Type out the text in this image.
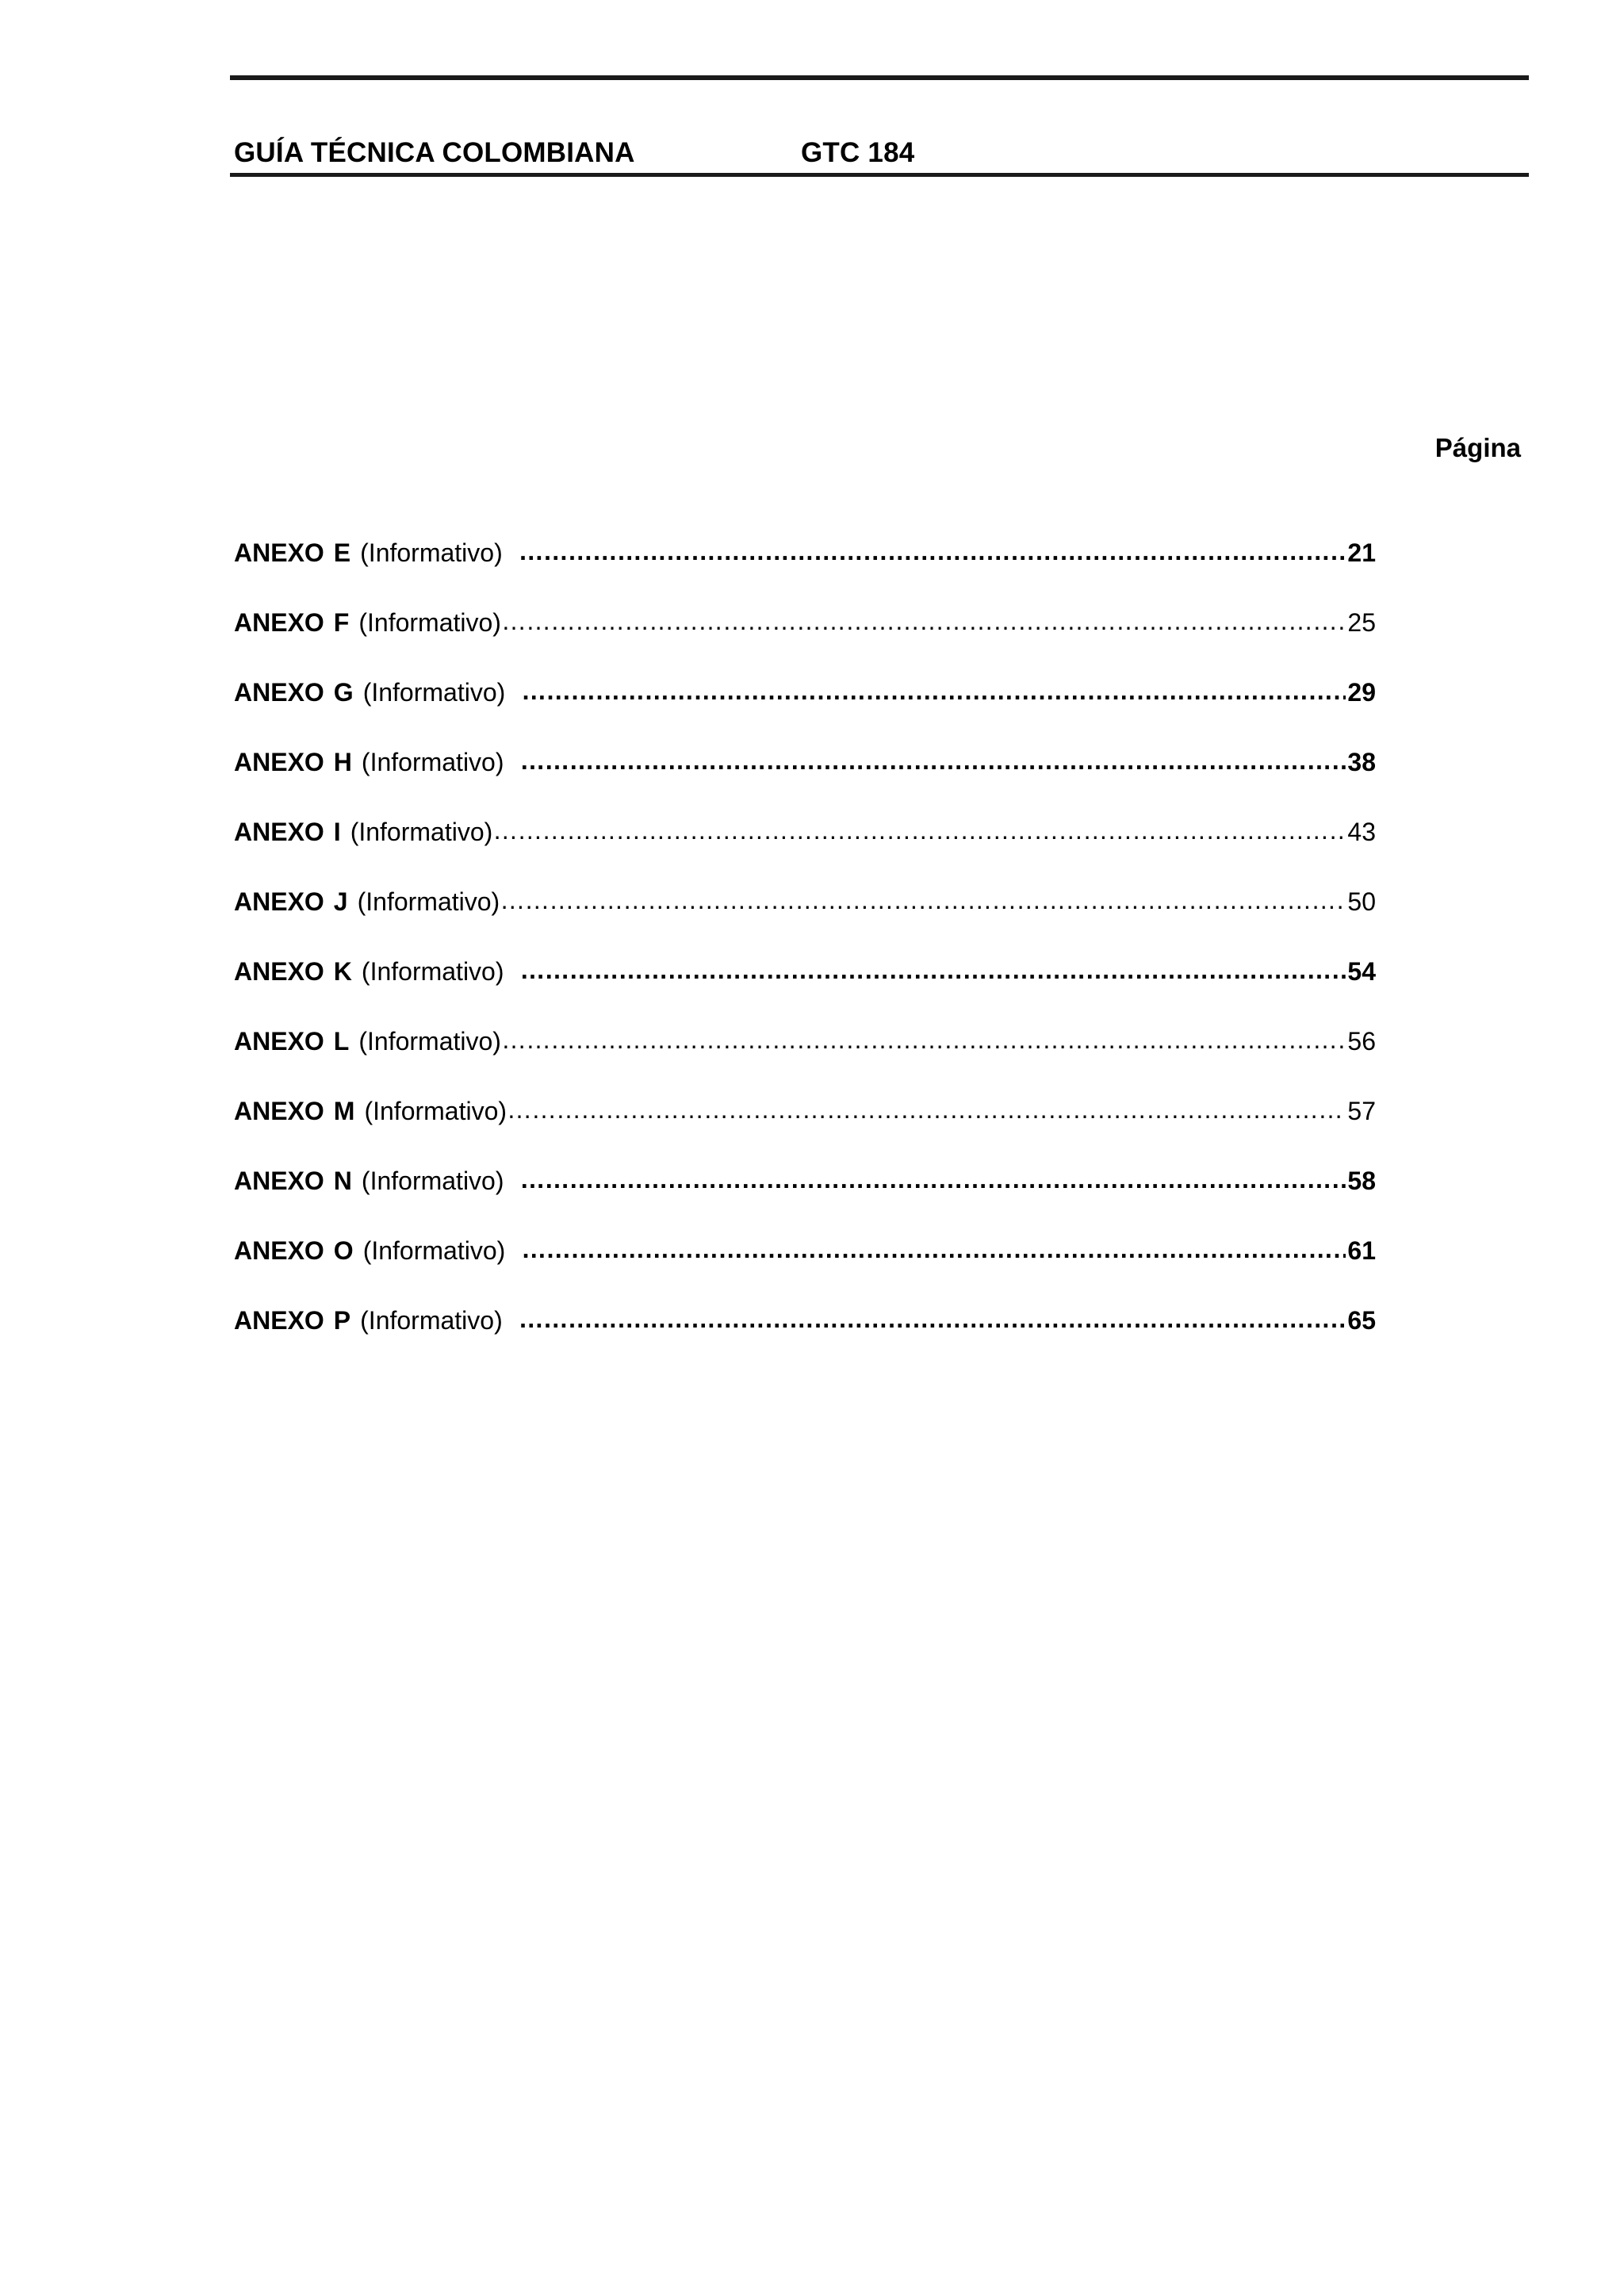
GUÍA TÉCNICA COLOMBIANA	GTC 184
Página
ANEXO E (Informativo) ……………………………………………………………………………………………………………………………………………………………………………………………………………………	21
ANEXO F (Informativo) ……………………………………………………………………………………………………………………………………………………………………………………………………………………	25
ANEXO G (Informativo) ……………………………………………………………………………………………………………………………………………………………………………………………………………………	29
ANEXO H (Informativo) ……………………………………………………………………………………………………………………………………………………………………………………………………………………	38
ANEXO I (Informativo) ……………………………………………………………………………………………………………………………………………………………………………………………………………………	43
ANEXO J (Informativo) ……………………………………………………………………………………………………………………………………………………………………………………………………………………	50
ANEXO K (Informativo) ……………………………………………………………………………………………………………………………………………………………………………………………………………………	54
ANEXO L (Informativo) ……………………………………………………………………………………………………………………………………………………………………………………………………………………	56
ANEXO M (Informativo) ……………………………………………………………………………………………………………………………………………………………………………………………………………………	57
ANEXO N (Informativo) ……………………………………………………………………………………………………………………………………………………………………………………………………………………	58
ANEXO O (Informativo) ……………………………………………………………………………………………………………………………………………………………………………………………………………………	61
ANEXO P (Informativo) ……………………………………………………………………………………………………………………………………………………………………………………………………………………	65
